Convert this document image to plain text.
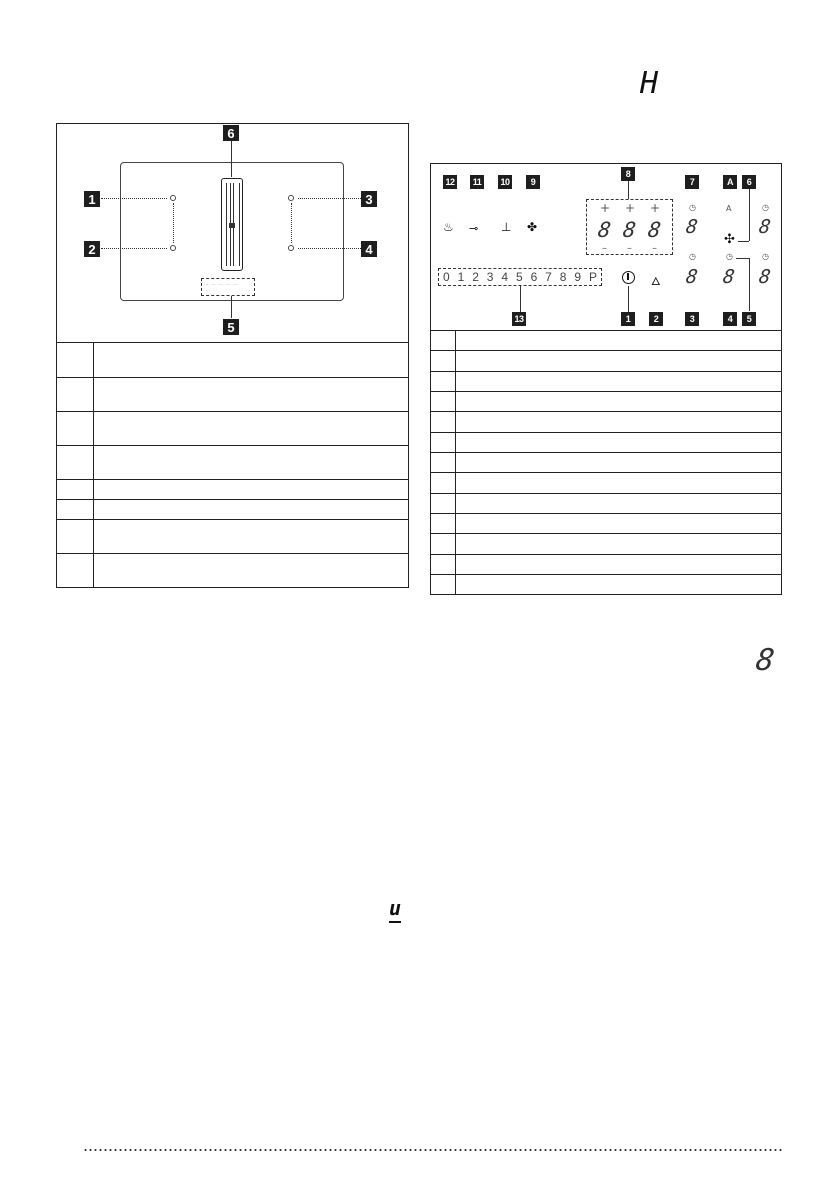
H
⋯ ⋯ ⋯ ⋯ ⋯
1
2
3
4
5
6

12	11	10	9
8
7	A	6
♨ ⊸ ⊥ ✤
+ + +
8 8 8
– – –
◷
8
A
✣
◷
8
◷
8
◷
8
◷
8
0 1 2 3 4 5 6 7 8 9 P	🜂
13	1	2	3	4	5

8
u
